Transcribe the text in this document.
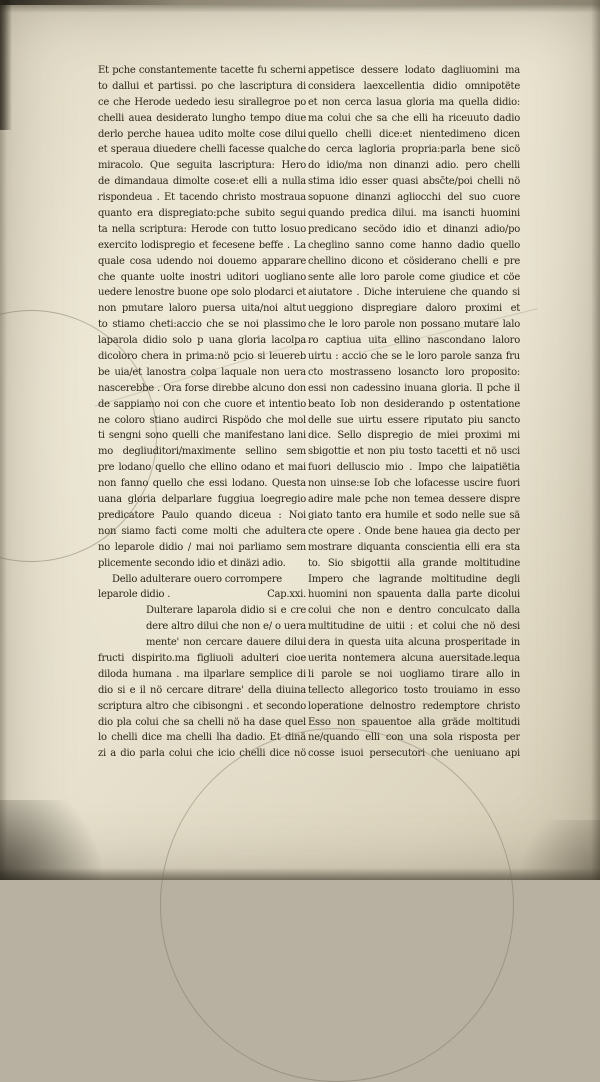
Et pche constantemente tacette fu scherni
to dallui et partissi. po che lascriptura di
ce che Herode uededo iesu sirallegroe po
chelli auea desiderato lungho tempo diue
derlo perche hauea udito molte cose dilui
et speraua diuedere chelli facesse qualche
miracolo. Que seguita lascriptura: Hero
de dimandaua dimolte cose:et elli a nulla
rispondeua . Et tacendo christo mostraua
quanto era dispregiato:pche subito segui
ta nella scriptura: Herode con tutto losuo
exercito lodispregio et fecesene beffe . La
quale cosa udendo noi douemo apparare
che quante uolte inostri uditori uogliano
uedere lenostre buone ope solo plodarci et
non pmutare laloro puersa uita/noi altut
to stiamo cheti:accio che se noi plassimo
laparola didio solo p uana gloria lacolpa
dicoloro chera in prima:nö pcio si leuereb
be uia/et lanostra colpa laquale non uera
nascerebbe . Ora forse direbbe alcuno don
de sappiamo noi con che cuore et intentio
ne coloro stiano audirci Rispödo che mol
ti sengni sono quelli che manifestano lani
mo degliuditori/maximente sellino sem
pre lodano quello che ellino odano et mai
non fanno quello che essi lodano. Questa
uana gloria delparlare fuggiua loegregio
predicatore Paulo quando diceua : Noi
non siamo facti come molti che adultera
no leparole didio / mai noi parliamo sem
plicemente secondo idio et dinäzi adio.
Dello adulterare ouero corrompere
leparole didio .	Cap.xxi.
Dulterare laparola didio si e cre
dere altro dilui che non e/ o uera
mente' non cercare dauere dilui
fructi dispirito.ma figliuoli adulteri cioe
diloda humana . ma ilparlare semplice di
dio si e il nö cercare ditrare' della diuina
scriptura altro che cibisongni . et secondo
dio pla colui che sa chelli nö ha dase quel
lo chelli dice ma chelli lha dadio. Et dinä
zi a dio parla colui che icio chelli dice nö
appetisce dessere lodato dagliuomini ma
considera laexcellentia didio omnipotëte
et non cerca lasua gloria ma quella didio:
ma colui che sa che elli ha riceuuto dadio
quello chelli dice:et nientedimeno dicen
do cerca lagloria propria:parla bene sicö
do idio/ma non dinanzi adio. pero chelli
stima idio esser quasi absc̄te/poi chelli nö
sopuone dinanzi agliocchi del suo cuore
quando predica dilui. ma isancti huomini
predicano secödo idio et dinanzi adio/po
cheglino sanno come hanno dadio quello
chellino dicono et cösiderano chelli e pre
sente alle loro parole come giudice et cöe
aiutatore . Diche interuiene che quando si
ueggiono dispregiare daloro proximi et
che le loro parole non possano mutare lalo
ro captiua uita ellino nascondano laloro
uirtu : accio che se le loro parole sanza fru
cto mostrasseno losancto loro proposito:
essi non cadessino inuana gloria. Il pche il
beato Iob non desiderando p ostentatione
delle sue uirtu essere riputato piu sancto
dice. Sello dispregio de miei proximi mi
sbigottie et non piu tosto tacetti et nö usci
fuori delluscio mio . Impo che laipatiëtia
non uinse:se Iob che lofacesse uscire fuori
adire male pche non temea dessere dispre
giato tanto era humile et sodo nelle sue sä
cte opere . Onde bene hauea gia decto per
mostrare diquanta conscientia elli era sta
to. Sio sbigottii alla grande moltitudine
Impero che lagrande moltitudine degli
huomini non spauenta dalla parte dicolui
colui che non e dentro conculcato dalla
multitudine de uitii : et colui che nö desi
dera in questa uita alcuna prosperitade in
uerita nontemera alcuna auersitade.lequa
li parole se noi uogliamo tirare allo in
tellecto allegorico tosto trouiamo in esso
loperatione delnostro redemptore christo
Esso non spauentoe alla gräde moltitudi
ne/quando elli con una sola risposta per
cosse isuoi persecutori che ueniuano api
